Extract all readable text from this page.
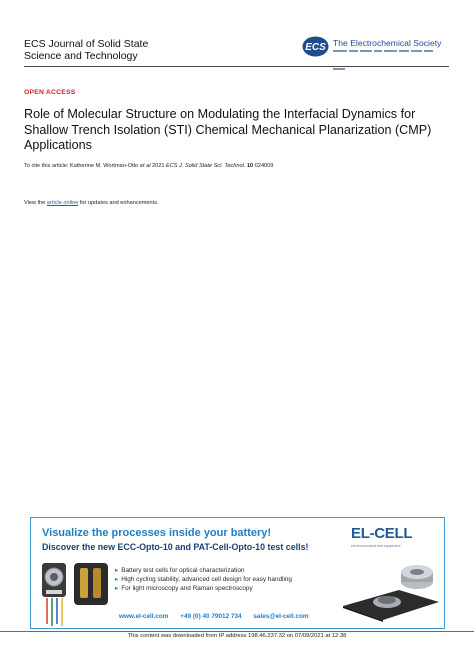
ECS Journal of Solid State
Science and Technology
ECS The Electrochemical Society
OPEN ACCESS
Role of Molecular Structure on Modulating the Interfacial Dynamics for Shallow Trench Isolation (STI) Chemical Mechanical Planarization (CMP) Applications
To cite this article: Katherine M. Wortman-Otto et al 2021 ECS J. Solid State Sci. Technol. 10 024009
View the article online for updates and enhancements.
Visualize the processes inside your battery!
Discover the new ECC-Opto-10 and PAT-Cell-Opto-10 test cells!
EL-CELL
electrochemical test equipment
▸ Battery test cells for optical characterization
▸ High cycling stability, advanced cell design for easy handling
▸ For light microscopy and Raman spectroscopy
www.el-cell.com +49 (0) 40 79012 734 sales@el-cell.com
This content was downloaded from IP address 198.46.237.32 on 07/09/2021 at 12:38
